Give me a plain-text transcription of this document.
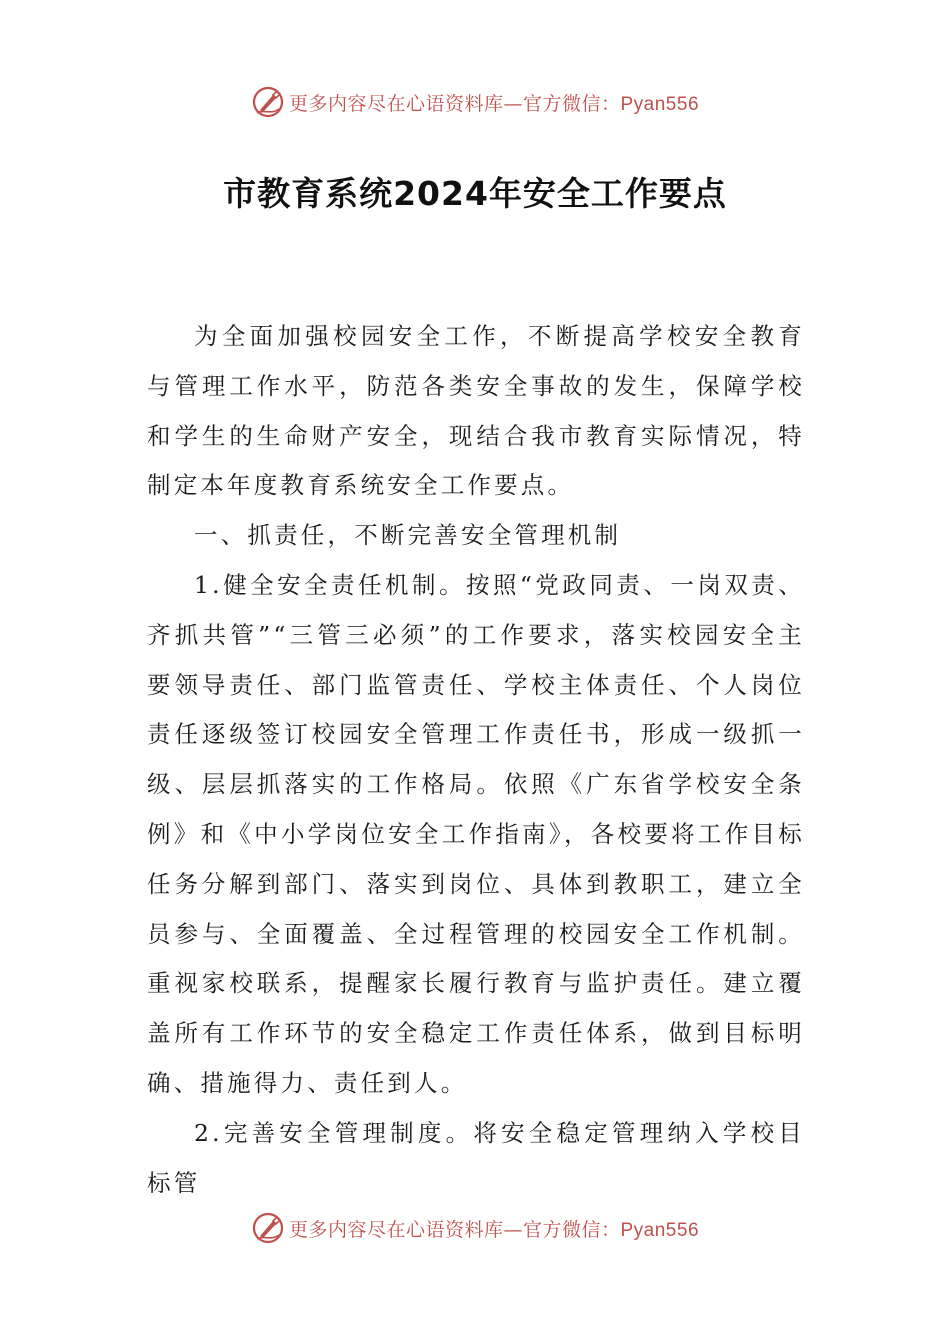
更多内容尽在心语资料库—官方微信：Pyan556
市教育系统2024年安全工作要点

为全面加强校园安全工作，不断提高学校安全教育与管理工作水平，防范各类安全事故的发生，保障学校和学生的生命财产安全，现结合我市教育实际情况，特制定本年度教育系统安全工作要点。

一、抓责任，不断完善安全管理机制

1.健全安全责任机制。按照“党政同责、一岗双责、齐抓共管”“三管三必须”的工作要求，落实校园安全主要领导责任、部门监管责任、学校主体责任、个人岗位责任逐级签订校园安全管理工作责任书，形成一级抓一级、层层抓落实的工作格局。依照《广东省学校安全条例》和《中小学岗位安全工作指南》，各校要将工作目标任务分解到部门、落实到岗位、具体到教职工，建立全员参与、全面覆盖、全过程管理的校园安全工作机制。重视家校联系，提醒家长履行教育与监护责任。建立覆盖所有工作环节的安全稳定工作责任体系，做到目标明确、措施得力、责任到人。

2.完善安全管理制度。将安全稳定管理纳入学校目标管

更多内容尽在心语资料库—官方微信：Pyan556
